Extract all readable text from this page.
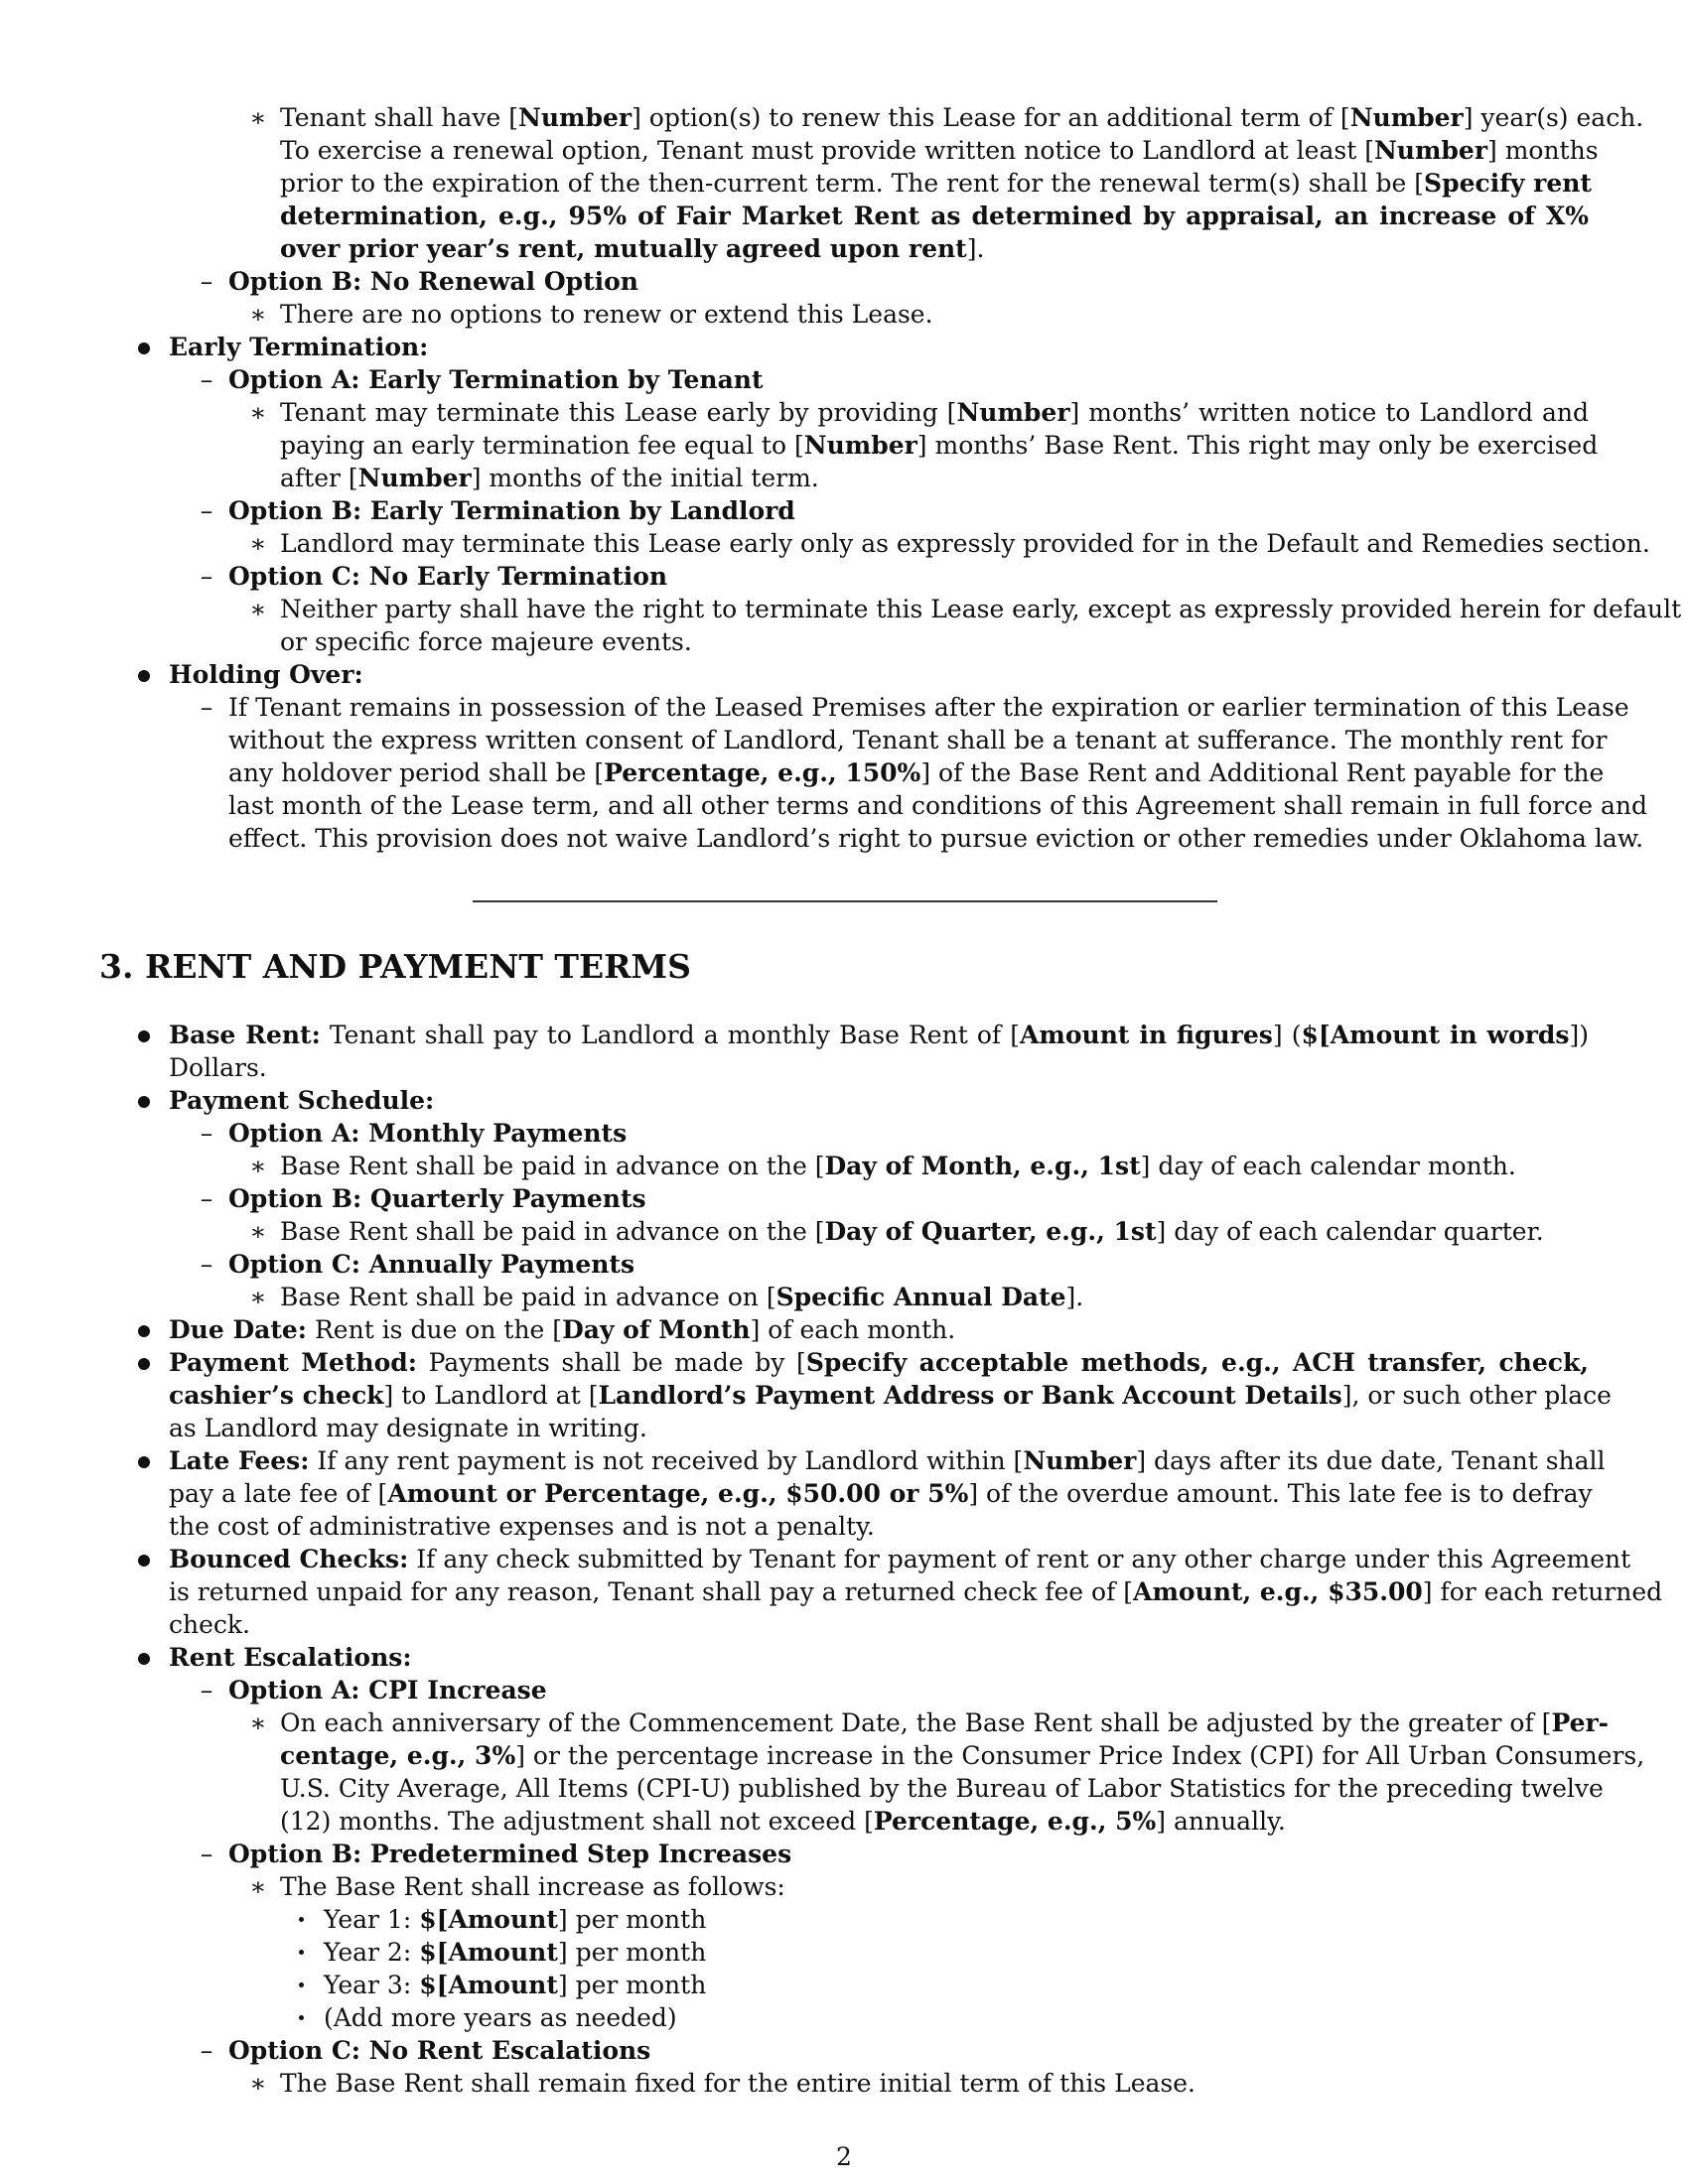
∗ Tenant shall have [Number] option(s) to renew this Lease for an additional term of [Number] year(s) each.
To exercise a renewal option, Tenant must provide written notice to Landlord at least [Number] months
prior to the expiration of the then-current term. The rent for the renewal term(s) shall be [Specify rent
determination, e.g., 95% of Fair Market Rent as determined by appraisal, an increase of X%
over prior year’s rent, mutually agreed upon rent].
– Option B: No Renewal Option
∗ There are no options to renew or extend this Lease.
Early Termination:
– Option A: Early Termination by Tenant
∗ Tenant may terminate this Lease early by providing [Number] months’ written notice to Landlord and
paying an early termination fee equal to [Number] months’ Base Rent. This right may only be exercised
after [Number] months of the initial term.
– Option B: Early Termination by Landlord
∗ Landlord may terminate this Lease early only as expressly provided for in the Default and Remedies section.
– Option C: No Early Termination
∗ Neither party shall have the right to terminate this Lease early, except as expressly provided herein for default
or specific force majeure events.
Holding Over:
– If Tenant remains in possession of the Leased Premises after the expiration or earlier termination of this Lease
without the express written consent of Landlord, Tenant shall be a tenant at sufferance. The monthly rent for
any holdover period shall be [Percentage, e.g., 150%] of the Base Rent and Additional Rent payable for the
last month of the Lease term, and all other terms and conditions of this Agreement shall remain in full force and
effect. This provision does not waive Landlord’s right to pursue eviction or other remedies under Oklahoma law.
3. RENT AND PAYMENT TERMS
Base Rent: Tenant shall pay to Landlord a monthly Base Rent of [Amount in figures] ($[Amount in words])
Dollars.
Payment Schedule:
– Option A: Monthly Payments
∗ Base Rent shall be paid in advance on the [Day of Month, e.g., 1st] day of each calendar month.
– Option B: Quarterly Payments
∗ Base Rent shall be paid in advance on the [Day of Quarter, e.g., 1st] day of each calendar quarter.
– Option C: Annually Payments
∗ Base Rent shall be paid in advance on [Specific Annual Date].
Due Date: Rent is due on the [Day of Month] of each month.
Payment Method: Payments shall be made by [Specify acceptable methods, e.g., ACH transfer, check,
cashier’s check] to Landlord at [Landlord’s Payment Address or Bank Account Details], or such other place
as Landlord may designate in writing.
Late Fees: If any rent payment is not received by Landlord within [Number] days after its due date, Tenant shall
pay a late fee of [Amount or Percentage, e.g., $50.00 or 5%] of the overdue amount. This late fee is to defray
the cost of administrative expenses and is not a penalty.
Bounced Checks: If any check submitted by Tenant for payment of rent or any other charge under this Agreement
is returned unpaid for any reason, Tenant shall pay a returned check fee of [Amount, e.g., $35.00] for each returned
check.
Rent Escalations:
– Option A: CPI Increase
∗ On each anniversary of the Commencement Date, the Base Rent shall be adjusted by the greater of [Per-
centage, e.g., 3%] or the percentage increase in the Consumer Price Index (CPI) for All Urban Consumers,
U.S. City Average, All Items (CPI-U) published by the Bureau of Labor Statistics for the preceding twelve
(12) months. The adjustment shall not exceed [Percentage, e.g., 5%] annually.
– Option B: Predetermined Step Increases
∗ The Base Rent shall increase as follows:
Year 1: $[Amount] per month
Year 2: $[Amount] per month
Year 3: $[Amount] per month
(Add more years as needed)
– Option C: No Rent Escalations
∗ The Base Rent shall remain fixed for the entire initial term of this Lease.
2
